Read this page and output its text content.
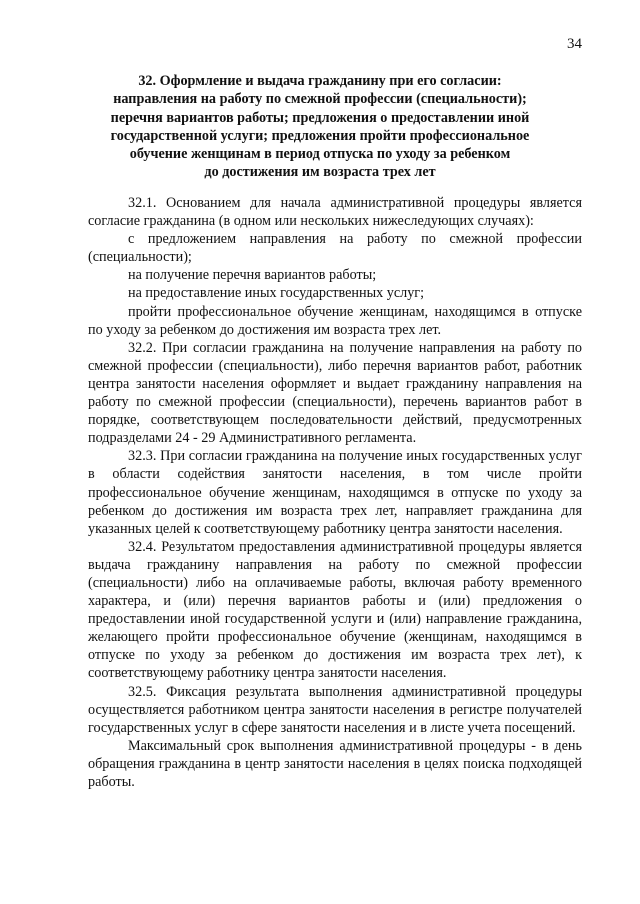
34
32. Оформление и выдача гражданину при его согласии:
направления на работу по смежной профессии (специальности);
перечня вариантов работы; предложения о предоставлении иной
государственной услуги; предложения пройти профессиональное
обучение женщинам в период отпуска по уходу за ребенком
до достижения им возраста трех лет

32.1. Основанием для начала административной процедуры является согласие гражданина (в одном или нескольких нижеследующих случаях):

с предложением направления на работу по смежной профессии (специальности);

на получение перечня вариантов работы;

на предоставление иных государственных услуг;

пройти профессиональное обучение женщинам, находящимся в отпуске по уходу за ребенком до достижения им возраста трех лет.

32.2. При согласии гражданина на получение направления на работу по смежной профессии (специальности), либо перечня вариантов работ, работник центра занятости населения оформляет и выдает гражданину направления на работу по смежной профессии (специальности), перечень вариантов работ в порядке, соответствующем последовательности действий, предусмотренных подразделами 24 - 29 Административного регламента.

32.3. При согласии гражданина на получение иных государственных услуг в области содействия занятости населения, в том числе пройти профессиональное обучение женщинам, находящимся в отпуске по уходу за ребенком до достижения им возраста трех лет, направляет гражданина для указанных целей к соответствующему работнику центра занятости населения.

32.4. Результатом предоставления административной процедуры является выдача гражданину направления на работу по смежной профессии (специальности) либо на оплачиваемые работы, включая работу временного характера, и (или) перечня вариантов работы и (или) предложения о предоставлении иной государственной услуги и (или) направление гражданина, желающего пройти профессиональное обучение (женщинам, находящимся в отпуске по уходу за ребенком до достижения им возраста трех лет), к соответствующему работнику центра занятости населения.

32.5. Фиксация результата выполнения административной процедуры осуществляется работником центра занятости населения в регистре получателей государственных услуг в сфере занятости населения и в листе учета посещений.

Максимальный срок выполнения административной процедуры - в день обращения гражданина в центр занятости населения в целях поиска подходящей работы.
